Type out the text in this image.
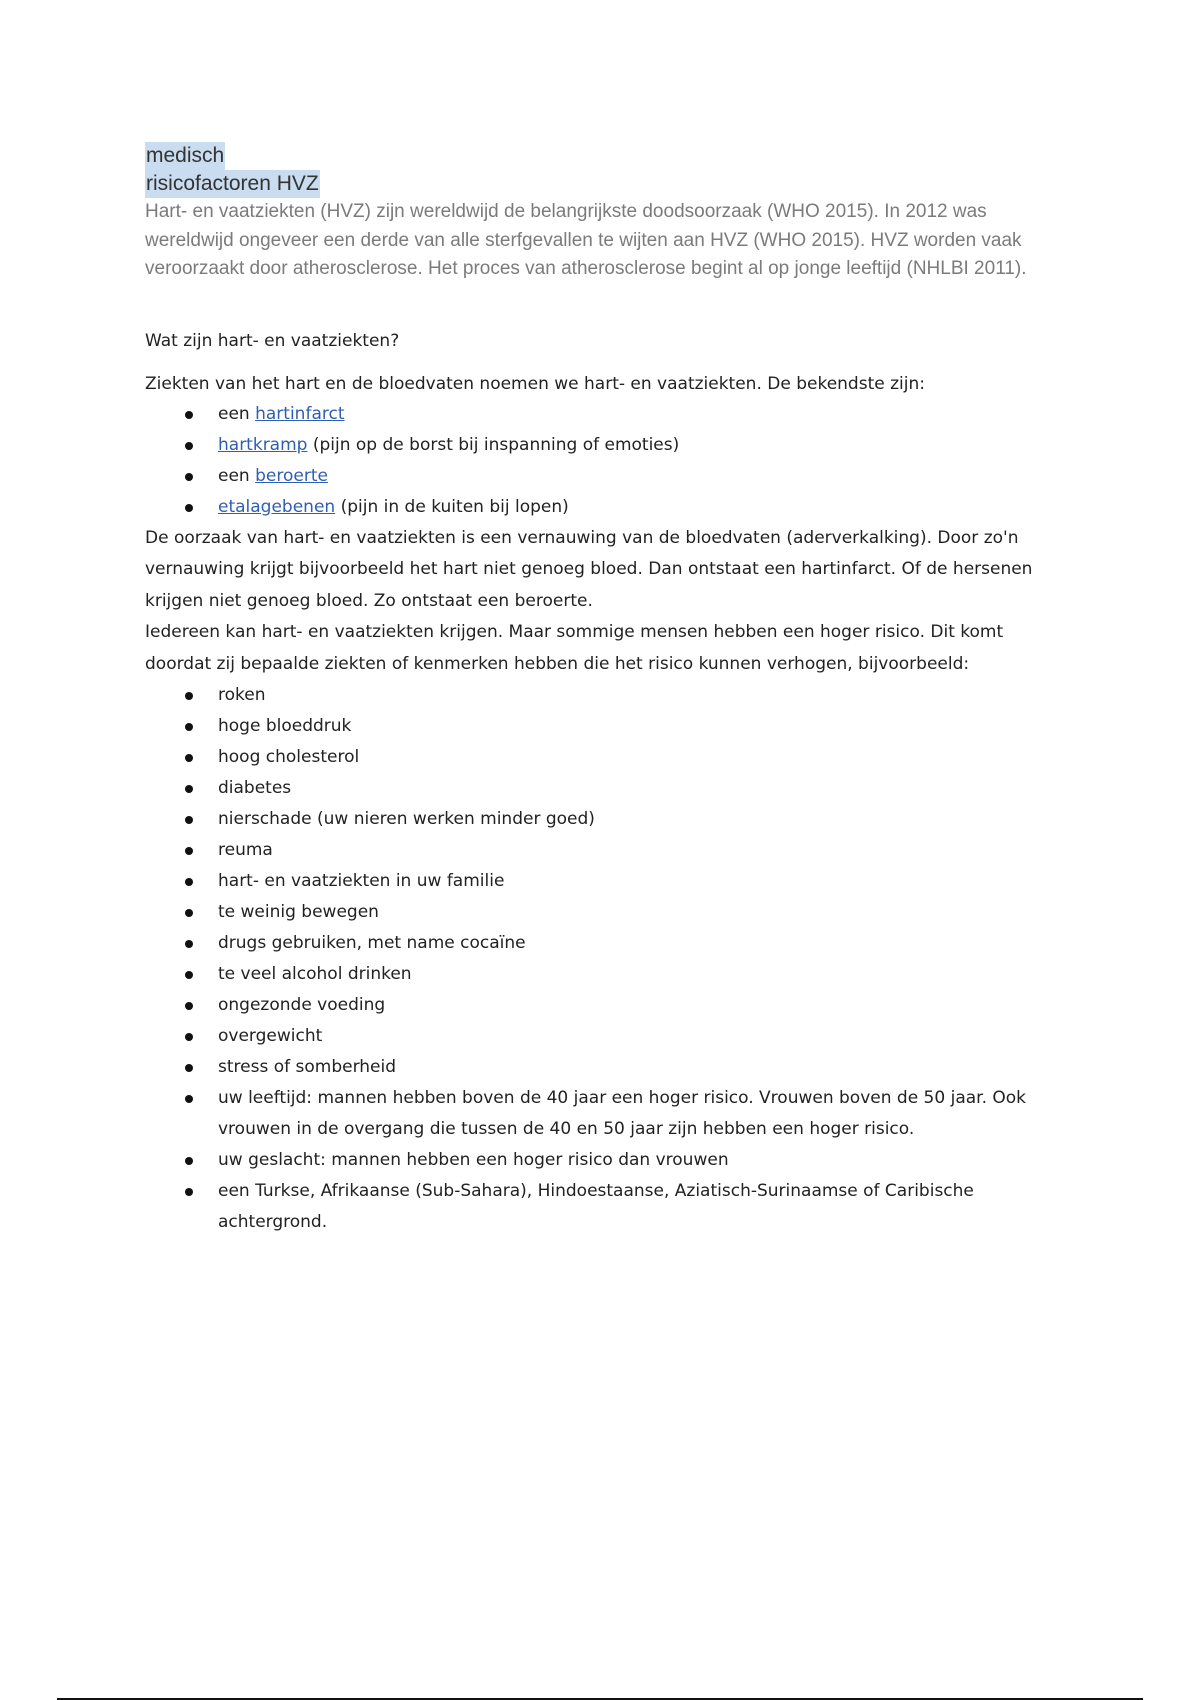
medisch
risicofactoren HVZ

Hart- en vaatziekten (HVZ) zijn wereldwijd de belangrijkste doodsoorzaak (WHO 2015). In 2012 was wereldwijd ongeveer een derde van alle sterfgevallen te wijten aan HVZ (WHO 2015). HVZ worden vaak veroorzaakt door atherosclerose. Het proces van atherosclerose begint al op jonge leeftijd (NHLBI 2011).

Wat zijn hart- en vaatziekten?
Ziekten van het hart en de bloedvaten noemen we hart- en vaatziekten. De bekendste zijn:
een hartinfarct
hartkramp (pijn op de borst bij inspanning of emoties)
een beroerte
etalagebenen (pijn in de kuiten bij lopen)
De oorzaak van hart- en vaatziekten is een vernauwing van de bloedvaten (aderverkalking). Door zo'n vernauwing krijgt bijvoorbeeld het hart niet genoeg bloed. Dan ontstaat een hartinfarct. Of de hersenen krijgen niet genoeg bloed. Zo ontstaat een beroerte.
Iedereen kan hart- en vaatziekten krijgen. Maar sommige mensen hebben een hoger risico. Dit komt doordat zij bepaalde ziekten of kenmerken hebben die het risico kunnen verhogen, bijvoorbeeld:
roken
hoge bloeddruk
hoog cholesterol
diabetes
nierschade (uw nieren werken minder goed)
reuma
hart- en vaatziekten in uw familie
te weinig bewegen
drugs gebruiken, met name cocaïne
te veel alcohol drinken
ongezonde voeding
overgewicht
stress of somberheid
uw leeftijd: mannen hebben boven de 40 jaar een hoger risico. Vrouwen boven de 50 jaar. Ook vrouwen in de overgang die tussen de 40 en 50 jaar zijn hebben een hoger risico.
uw geslacht: mannen hebben een hoger risico dan vrouwen
een Turkse, Afrikaanse (Sub-Sahara), Hindoestaanse, Aziatisch-Surinaamse of Caribische achtergrond.
